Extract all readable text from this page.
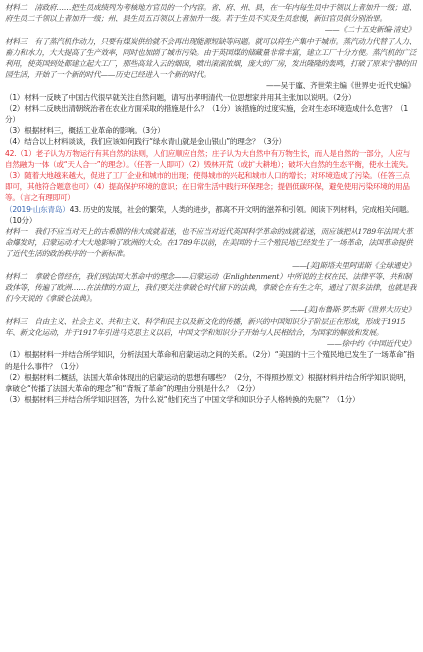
材料二　清政府……把生员成绩列为考核地方官员的一个内容。省、府、州、县，在一年内每生员中于领以上者加升一级；道、府生员二千领以上者加升一级；州、县生员五百领以上者加升一级。若于生员不实及生员怠慢，新旧官员俱分别治罪。

——《二十五史新编·清史》

材料三　有了蒸汽机作动力，只要有煤炭供给就不会再出现能源短缺等问题。就可以将生产集中于城市。蒸汽动力代替了人力、畜力和水力，大大提高了生产效率，同时也加剧了城市污染。由于英国煤的储藏量非常丰富，建立工厂十分方便。蒸汽机的广泛利用，使英国到处都建立起大工厂，那些高耸入云的烟囱，喷出滚滚浓烟，庞大的厂房，发出隆隆的轰鸣，打破了原来宁静的田园生活，开始了一个新的时代——历史已经进入一个新的时代。

——吴于廑、齐世荣主编《世界史·近代史编》

（1）材料一反映了中国古代很早就关注自然问题，请写出孝明清代一位思想家并用其主张加以说明。（2分）

（2）材料二反映出清朝统治者在农业方面采取的措施是什么？（1分）该措施的过度实施，会对生态环境造成什么危害？（1分）

（3）根据材料三，概括工业革命的影响。（3分）

（4）结合以上材料谈谈，我们应该如何践行“绿水青山就是金山银山”的理念？（3分）

42.（1）老子认为万物运行有其自然的法则，人们应顺应自然；庄子认为大自然中有万物生长，而人是自然的一部分，人应与自然融为一体（或“天人合一”的理念）。（任答一人即可）（2）毁林开荒（或扩大耕地）；破坏大自然的生态平衡，使水土流失。（3）随着大地越来越大，促进了工厂企业和城市的出现；使得城市的兴起和城市人口的增长；对环境造成了污染。（任答三点即可，其他符合题意也可）（4）提高保护环境的意识；在日常生活中践行环保理念；提倡低碳环保，避免使用污染环境的用品等。（言之有理即可）

（2019·山东青岛）43. 历史的发展，社会的繁荣，人类的进步，都离不开文明的滋养和引领。阅读下列材料，完成相关问题。（10分）

材料一　我们不应当对天上的古希腊的伟大成就着迷，也不应当对近代英国科学革命的成就着迷，而应该把从1789年法国大革命爆发时，启蒙运动才大大地影响了欧洲的大众。在1789年以前，在美国的十三个殖民地已经发生了一场革命，法国革命提供了近代生活的政治秩序的一个新标准。

——[美]斯塔夫里阿诺斯《全球通史》

材料二　拿破仑曾经在，我们到法国大革命中的理念——启蒙运动（Enlightenment）中所说的主权在民、法律平等、共和制政体等，传遍了欧洲……在法律的方面上，我们要关注拿破仑时代留下的法典，拿破仑在有生之年，通过了很多法律，也就是我们今天说的《拿破仑法典》。

——[美]布鲁斯·罗杰斯《世界大历史》

材料三　自由主义、社会主义、共和主义、科学和民主以及新文化的传播，新兴的中国知识分子阶层正在形成，形成于1915年、新文化运动，并于1917年引进马克思主义以后，中国文学和知识分子开始与人民相结合，为国家的解放和发展。

——徐中约《中国近代史》

（1）根据材料一并结合所学知识，分析法国大革命和启蒙运动之间的关系。（2分）“美国的十三个殖民地已发生了一场革命”指的是什么事件？（1分）

（2）根据材料二概括，法国大革命体现出的启蒙运动的思想有哪些？（2分，不得照抄原文）根据材料并结合所学知识说明，拿破仑“传播了法国大革命的理念”和“背叛了革命”的理由分别是什么？（2分）

（3）根据材料三并结合所学知识回答，为什么说“他们充当了中国文学和知识分子人格转换的先驱”？（1分）
